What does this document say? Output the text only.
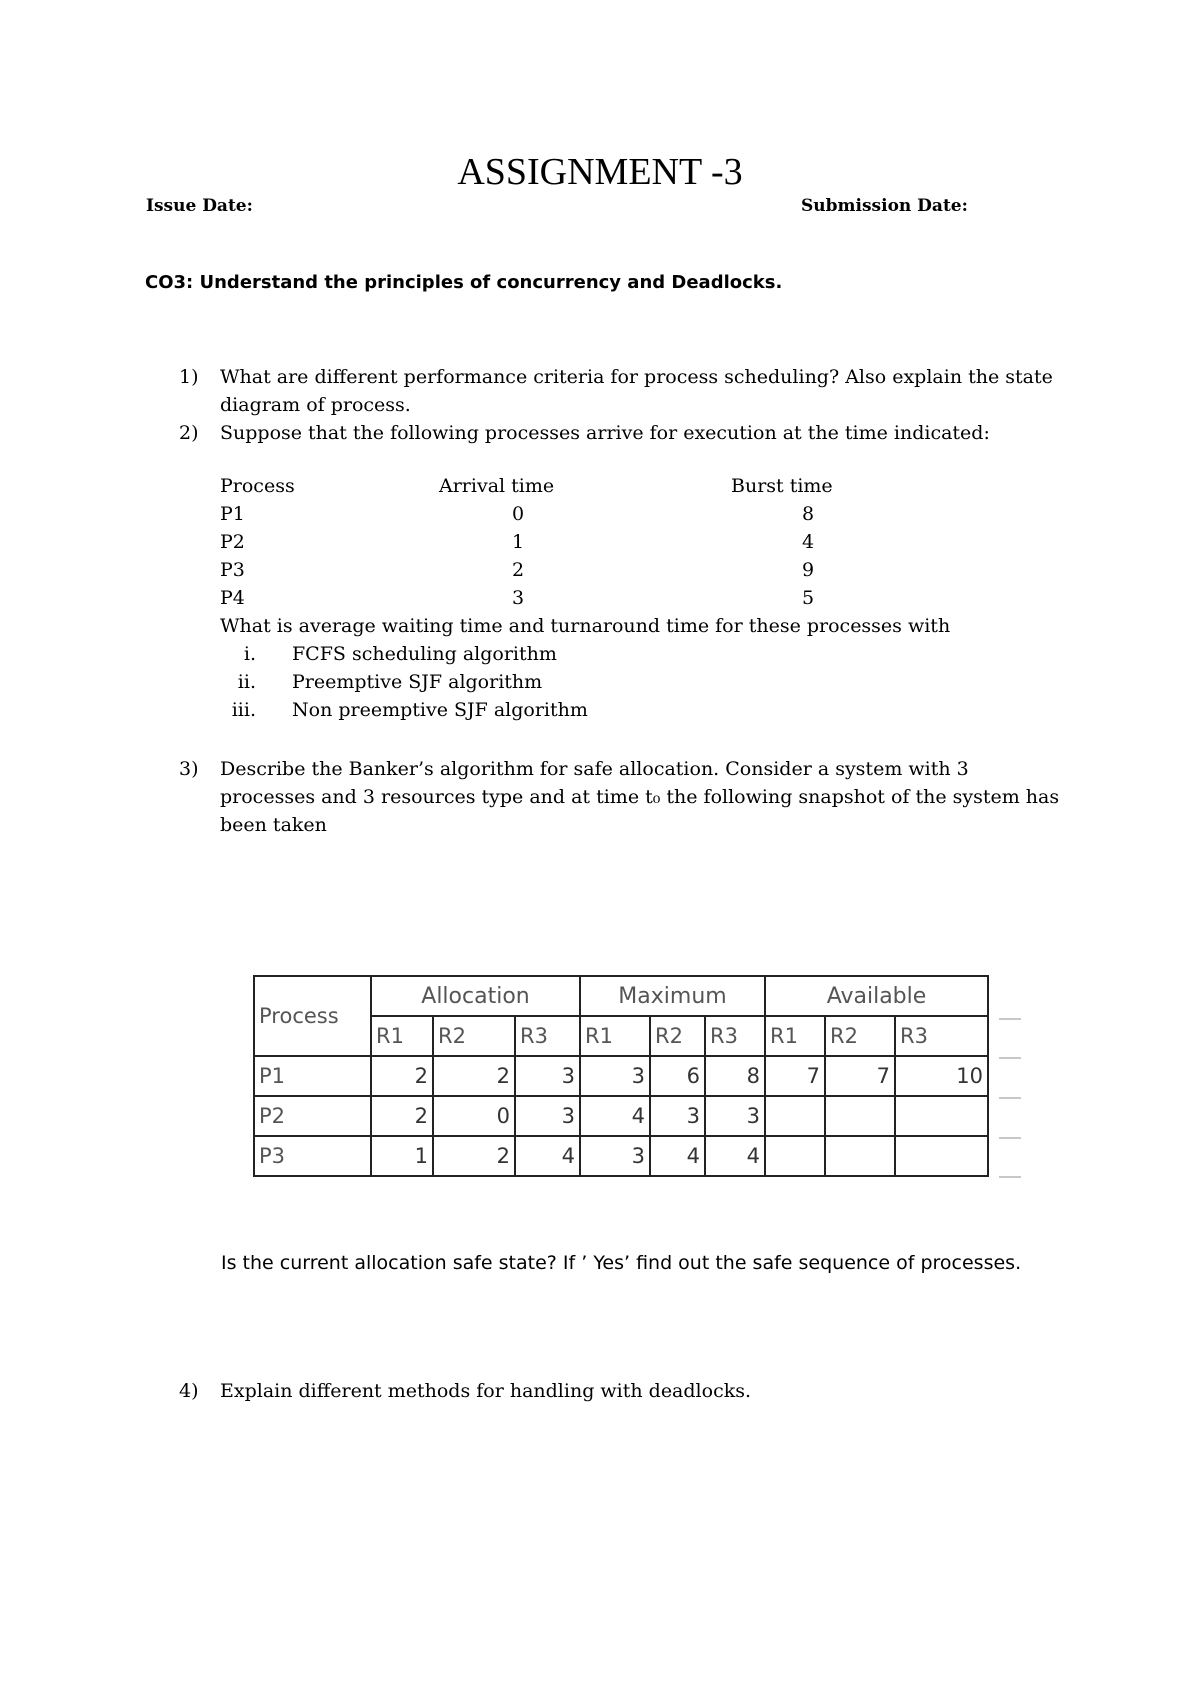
ASSIGNMENT -3
Issue Date:	Submission Date:
CO3: Understand the principles of concurrency and Deadlocks.
1) What are different performance criteria for process scheduling? Also explain the state
diagram of process.
2) Suppose that the following processes arrive for execution at the time indicated:
Process	Arrival time	Burst time
P1	0	8
P2	1	4
P3	2	9
P4	3	5
What is average waiting time and turnaround time for these processes with
i. FCFS scheduling algorithm
ii. Preemptive SJF algorithm
iii. Non preemptive SJF algorithm
3) Describe the Banker’s algorithm for safe allocation. Consider a system with 3
processes and 3 resources type and at time t₀ the following snapshot of the system has
been taken
Process	Allocation			Maximum			Available		
	R1	R2	R3	R1	R2	R3	R1	R2	R3
P1	2	2	3	3	6	8	7	7	10
P2	2	0	3	4	3	3			
P3	1	2	4	3	4	4			
Is the current allocation safe state? If ’ Yes’ find out the safe sequence of processes.
4) Explain different methods for handling with deadlocks.
